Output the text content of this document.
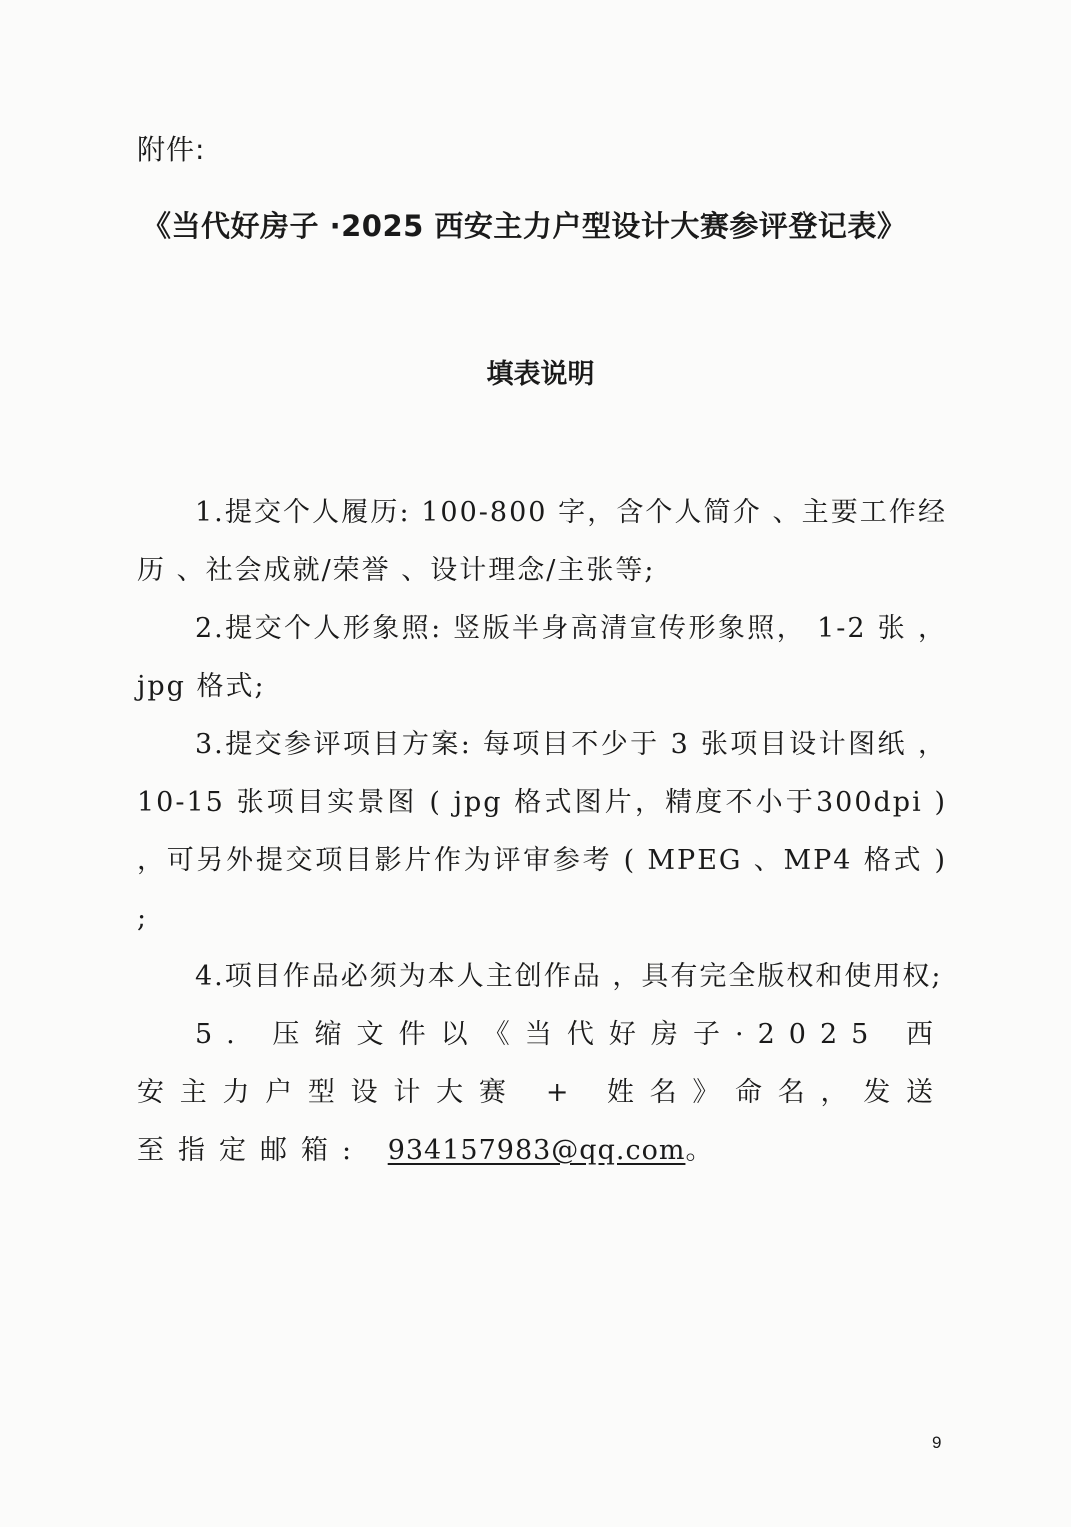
附件:
《当代好房子 ·2025 西安主力户型设计大赛参评登记表》
填表说明

1.提交个人履历: 100-800 字，含个人简介 、主要工作经历 、社会成就/荣誉 、设计理念/主张等;

2.提交个人形象照: 竖版半身高清宣传形象照， 1-2 张 ，jpg 格式;

3.提交参评项目方案: 每项目不少于 3 张项目设计图纸 ，10-15 张项目实景图 ( jpg 格式图片，精度不小于300dpi ) ，可另外提交项目影片作为评审参考 ( MPEG 、MP4 格式 ) ;

4.项目作品必须为本人主创作品 ，具有完全版权和使用权;

5. 压缩文件以《当代好房子·2025 西安主力户型设计大赛 + 姓名》命名，发送至指定邮箱: 934157983@qq.com。

9
